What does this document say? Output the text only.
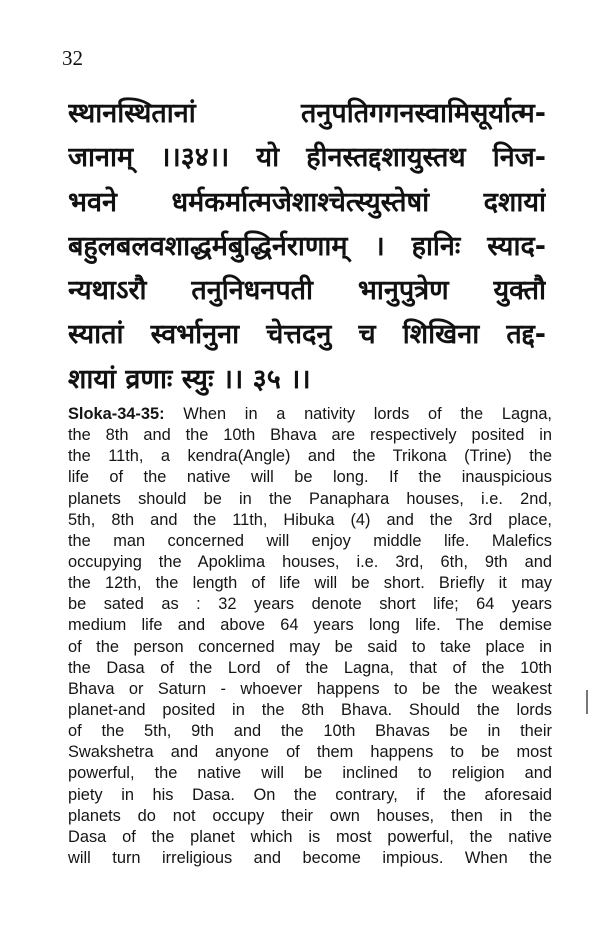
32
स्थानस्थितानां तनुपतिगगनस्वामिसूर्यात्म-
जानाम् ।।३४।। यो हीनस्तद्दशायुस्तथ निज-
भवने धर्मकर्मात्मजेशाश्चेत्स्युस्तेषां दशायां
बहुलबलवशाद्धर्मबुद्धिर्नराणाम् । हानिः स्याद-
न्यथाऽरौ तनुनिधनपती भानुपुत्रेण युक्तौ
स्यातां स्वर्भानुना चेत्तदनु च शिखिना तद्द-
शायां व्रणाः स्युः ।। ३५ ।।
Sloka-34-35: When in a nativity lords of the Lagna,
the 8th and the 10th Bhava are respectively posited in
the 11th, a kendra(Angle) and the Trikona (Trine) the
life of the native will be long. If the inauspicious
planets should be in the Panaphara houses, i.e. 2nd,
5th, 8th and the 11th, Hibuka (4) and the 3rd place,
the man concerned will enjoy middle life. Malefics
occupying the Apoklima houses, i.e. 3rd, 6th, 9th and
the 12th, the length of life will be short. Briefly it may
be sated as : 32 years denote short life; 64 years
medium life and above 64 years long life. The demise
of the person concerned may be said to take place in
the Dasa of the Lord of the Lagna, that of the 10th
Bhava or Saturn - whoever happens to be the weakest
planet-and posited in the 8th Bhava. Should the lords
of the 5th, 9th and the 10th Bhavas be in their
Swakshetra and anyone of them happens to be most
powerful, the native will be inclined to religion and
piety in his Dasa. On the contrary, if the aforesaid
planets do not occupy their own houses, then in the
Dasa of the planet which is most powerful, the native
will turn irreligious and become impious. When the
